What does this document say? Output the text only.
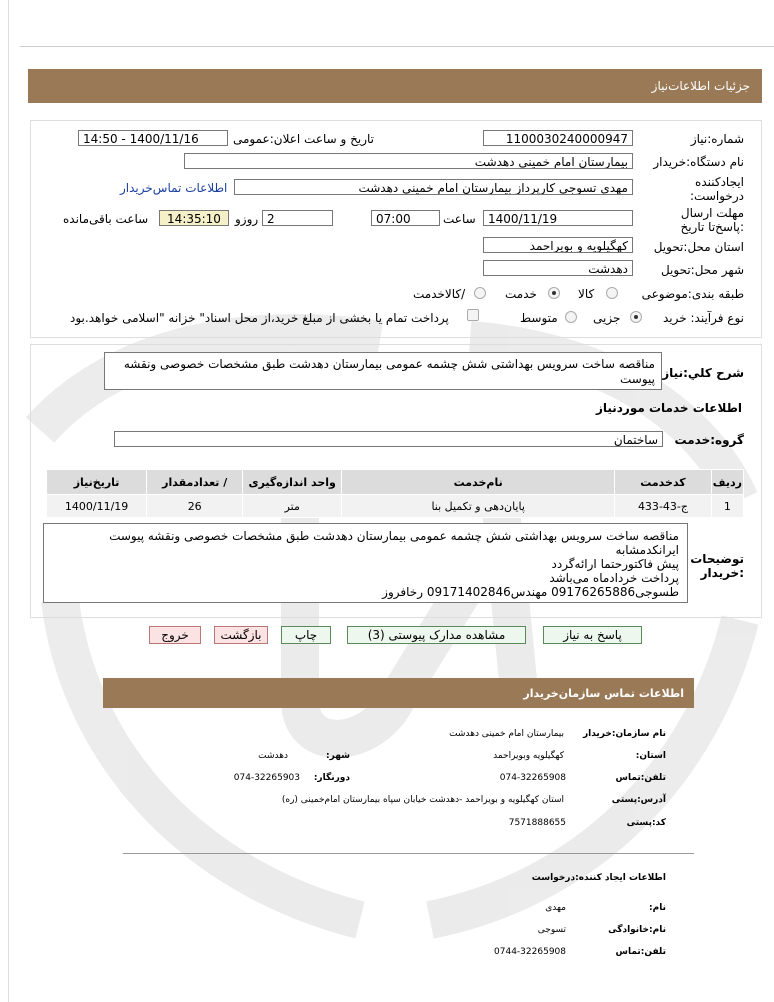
جزئیات اطلاعات‌نیاز
شماره:نیاز
1100030240000947
تاریخ و ساعت اعلان:عمومی
1400/11/16 - 14:50
نام دستگاه:خریدار
بیمارستان امام خمینی دهدشت
ایجادکننده درخواست:
مهدی تسوجی کارپرداز بیمارستان امام خمینی دهدشت
اطلاعات تماس‌خریدار
مهلت ارسال :پاسخ‌تا تاریخ
1400/11/19
ساعت
07:00
2
روزو
14:35:10
ساعت باقی‌مانده
استان محل:تحویل
کهگیلویه و بویراحمد
شهر محل:تحویل
دهدشت
طبقه بندی:موضوعی
کالا
خدمت
/کالاخدمت
نوع فرآیند: خرید
جزیی
متوسط
پرداخت تمام یا بخشی از مبلغ خرید،از محل اسناد" خزانه "اسلامی خواهد.بود
شرح کلي:نیاز
مناقصه ساخت سرویس بهداشتی شش چشمه عمومی بیمارستان دهدشت طبق مشخصات خصوصی ونقشه پیوست
اطلاعات خدمات موردنیاز
گروه:خدمت
ساختمان
ردیف	کدخدمت	نام‌خدمت	واحد اندازه‌گیری	/ تعدادمقدار	تاریخ‌نیاز
1	ج-43-433	پایان‌دهی و تکمیل بنا	متر	26	1400/11/19
توضیحات :خریدار
مناقصه ساخت سرویس بهداشتی شش چشمه عمومی بیمارستان دهدشت طبق مشخصات خصوصی ونقشه پیوست
ایرانکدمشابه
پیش فاکتورحتما ارائه‌گردد
پرداخت خردادماه می‌باشد
طسوجی09176265886 مهندس09171402846 رخافروز
پاسخ به نیاز
مشاهده مدارک پیوستی (3)
چاپ
بازگشت
خروج
اطلاعات تماس سازمان‌خریدار
نام سازمان:خریدار
بیمارستان امام خمینی دهدشت
استان:
کهگیلویه وبویراحمد
شهر:
دهدشت
تلفن:تماس
074-32265908
دورنگار:
074-32265903
آدرس:پستی
استان کهگیلویه و بویراحمد -دهدشت خیابان سپاه بیمارستان امام‌خمینی (ره)
کد:پستی
7571888655
اطلاعات ایجاد کننده:درخواست
نام:
مهدی
نام:خانوادگی
تسوجی
تلفن:تماس
0744-32265908
